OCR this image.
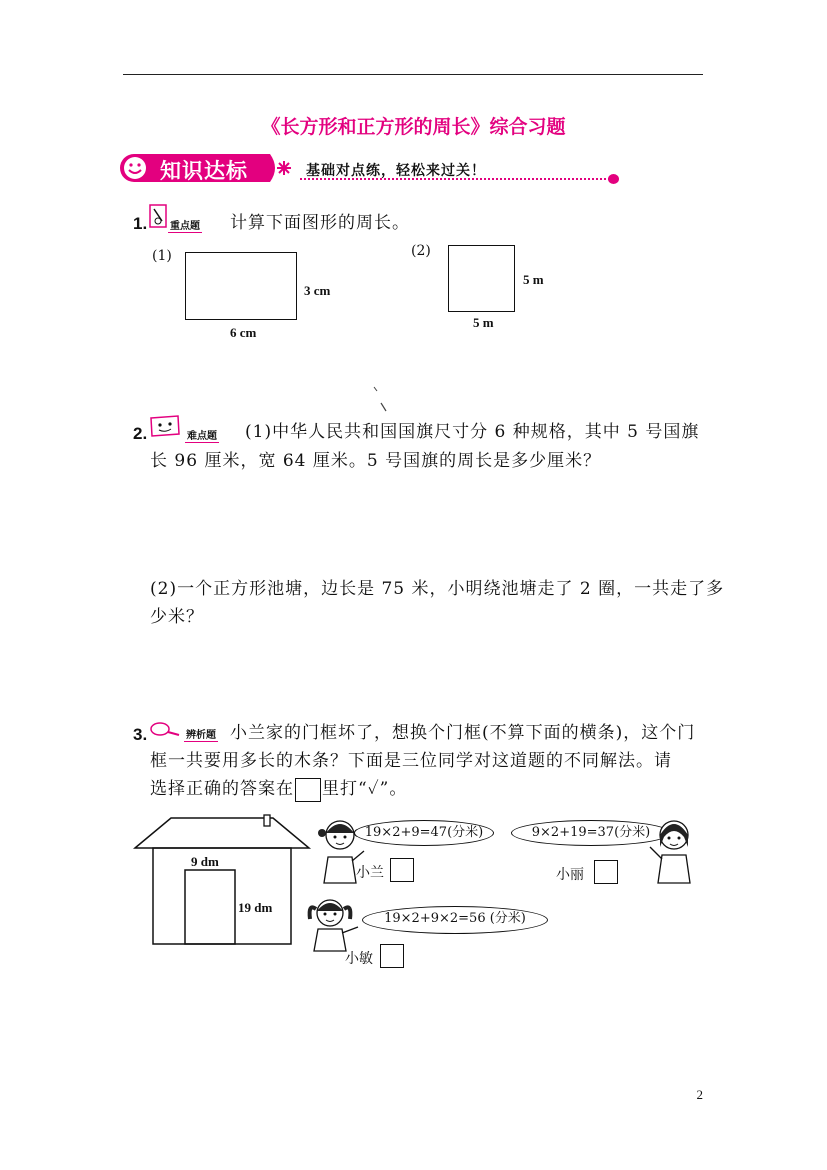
《长方形和正方形的周长》综合习题
知识达标	基础对点练，轻松来过关！
1. 重点题 计算下面图形的周长。
(1)
3 cm
6 cm
(2)
5 m
5 m
2.	难点题 (1)中华人民共和国国旗尺寸分 6 种规格，其中 5 号国旗
长 96 厘米，宽 64 厘米。5 号国旗的周长是多少厘米？
(2)一个正方形池塘，边长是 75 米，小明绕池塘走了 2 圈，一共走了多
少米？
3.	辨析题 小兰家的门框坏了，想换个门框(不算下面的横条)，这个门
框一共要用多长的木条？下面是三位同学对这道题的不同解法。请
选择正确的答案在 里打“✓”。
9 dm
19 dm
19×2+9=47(分米)
小兰
9×2+19=37(分米)
小丽
19×2+9×2=56 (分米)
小敏
2
